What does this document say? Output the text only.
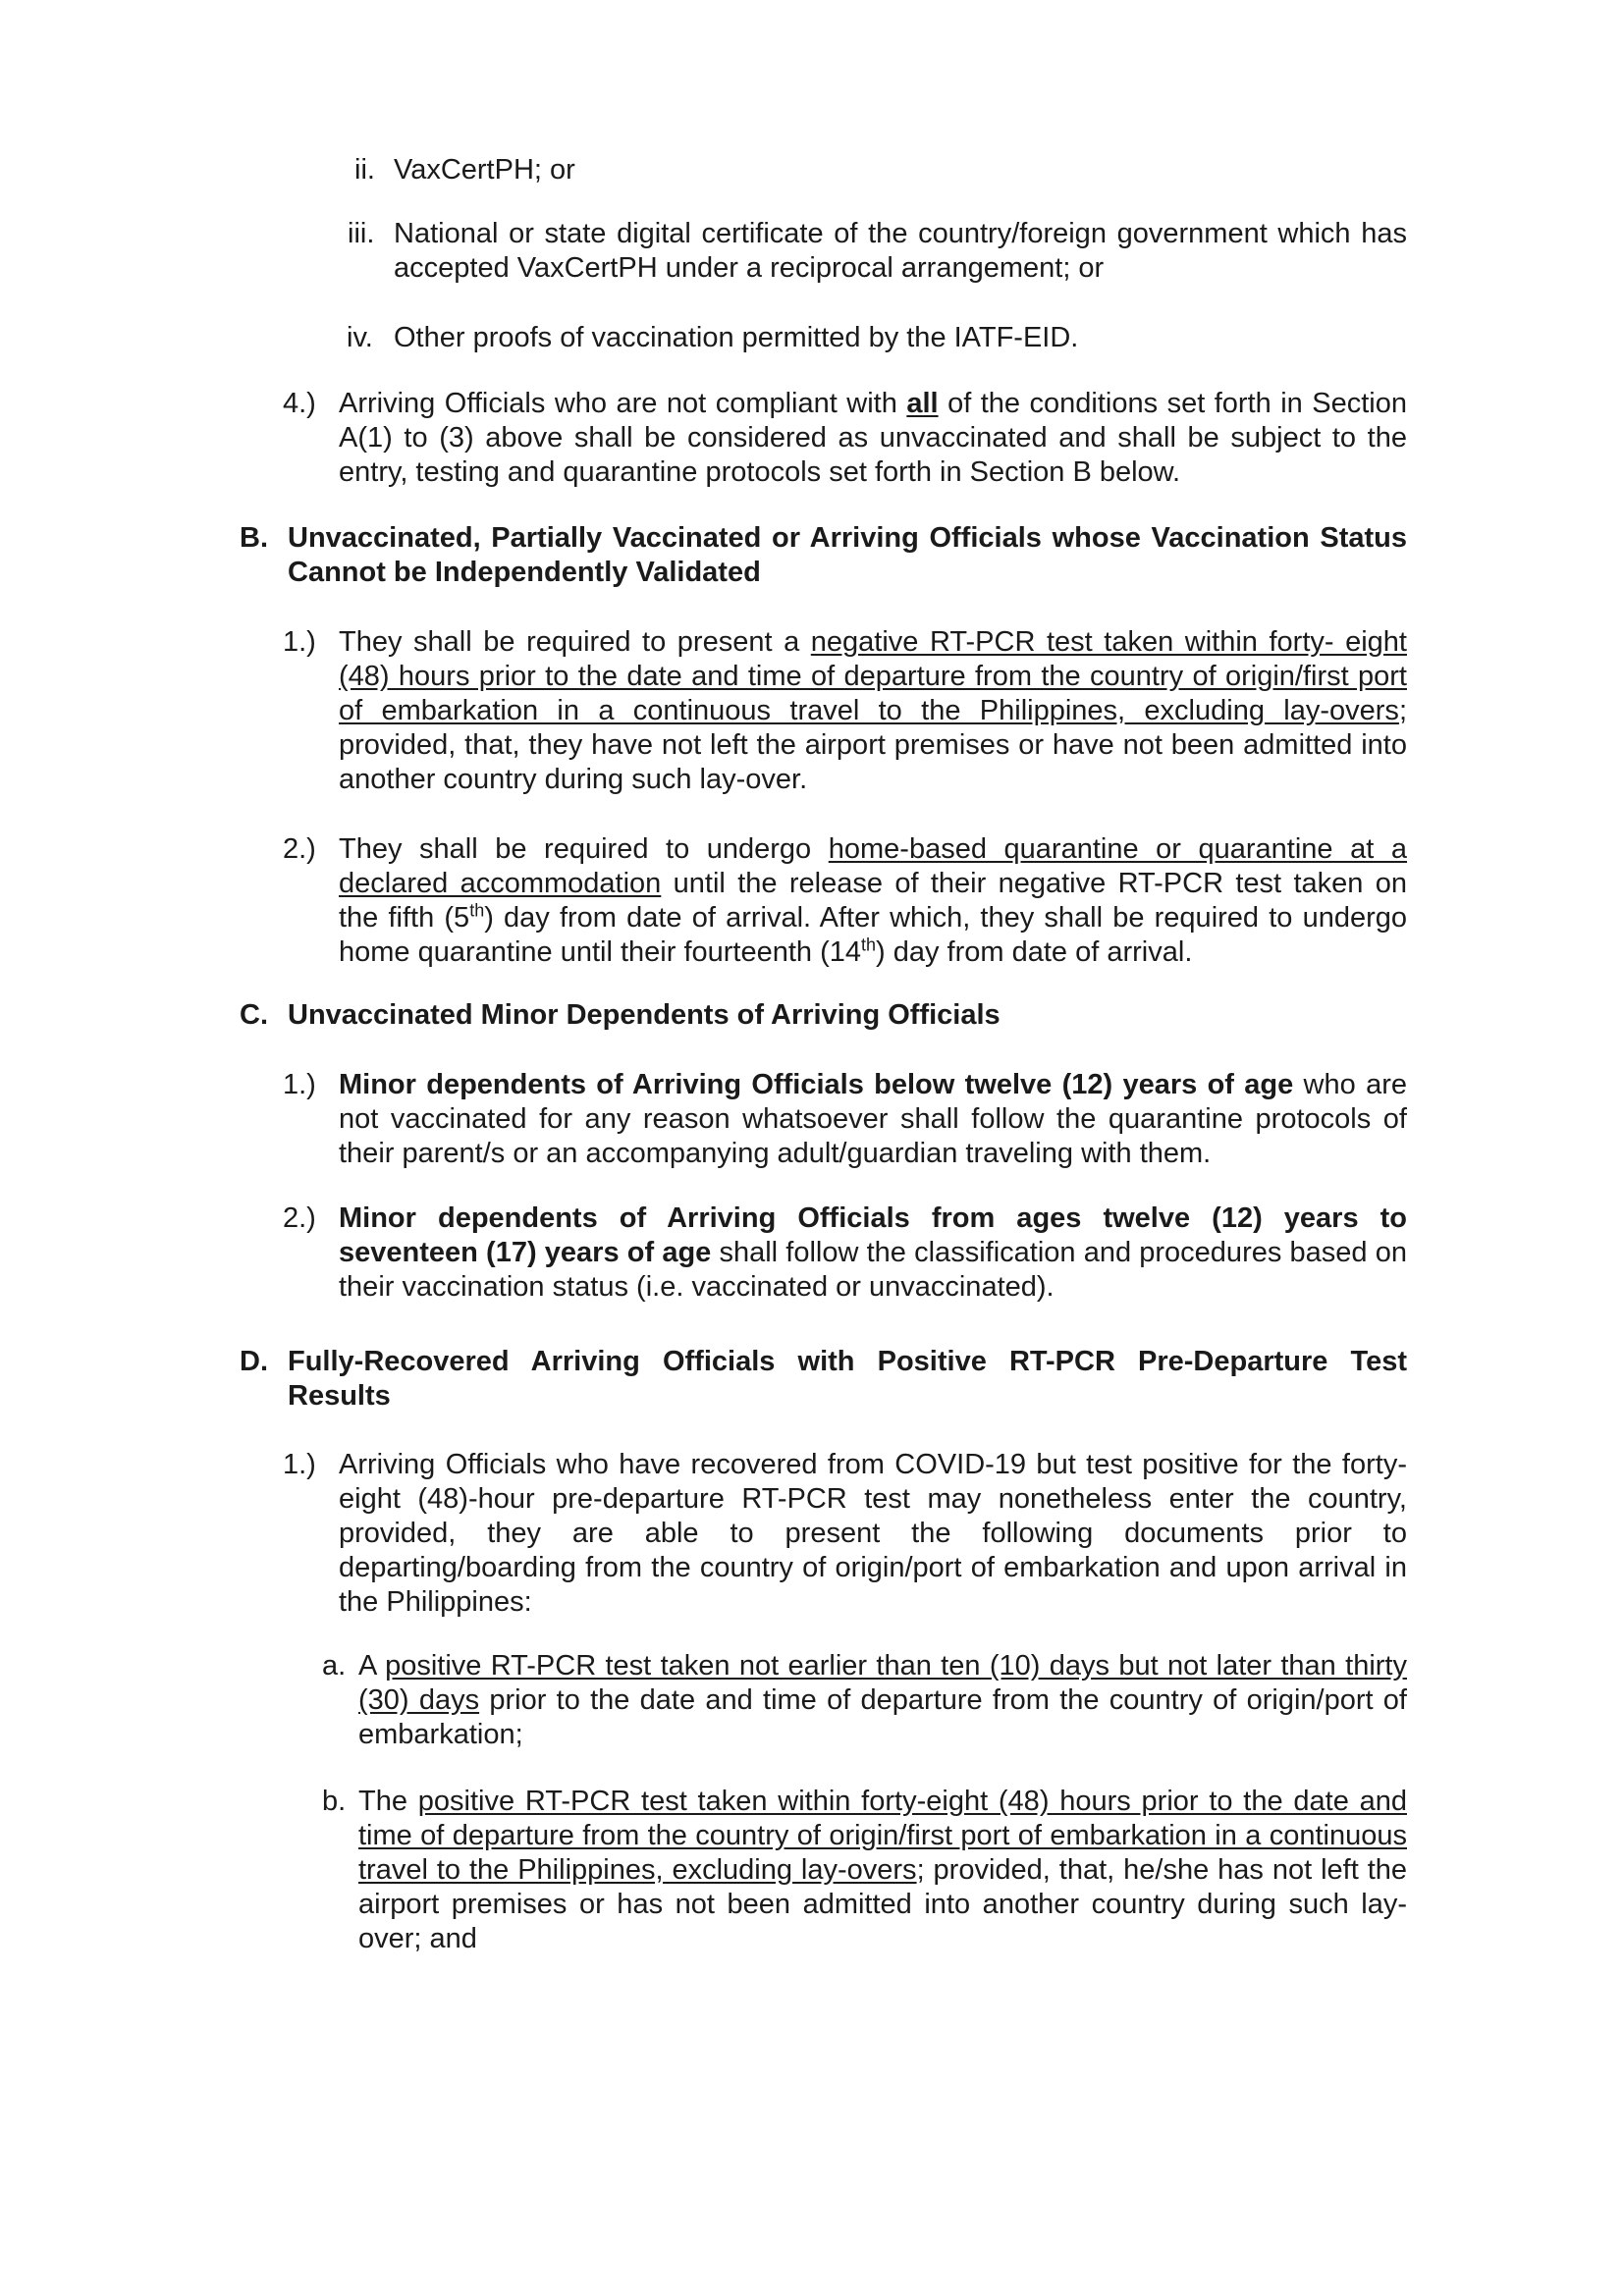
ii. VaxCertPH; or

iii. National or state digital certificate of the country/foreign government which has accepted VaxCertPH under a reciprocal arrangement; or

iv. Other proofs of vaccination permitted by the IATF-EID.

4.) Arriving Officials who are not compliant with all of the conditions set forth in Section A(1) to (3) above shall be considered as unvaccinated and shall be subject to the entry, testing and quarantine protocols set forth in Section B below.

B. Unvaccinated, Partially Vaccinated or Arriving Officials whose Vaccination Status Cannot be Independently Validated

1.) They shall be required to present a negative RT-PCR test taken within forty- eight (48) hours prior to the date and time of departure from the country of origin/first port of embarkation in a continuous travel to the Philippines, excluding lay-overs; provided, that, they have not left the airport premises or have not been admitted into another country during such lay-over.

2.) They shall be required to undergo home-based quarantine or quarantine at a declared accommodation until the release of their negative RT-PCR test taken on the fifth (5th) day from date of arrival. After which, they shall be required to undergo home quarantine until their fourteenth (14th) day from date of arrival.

C. Unvaccinated Minor Dependents of Arriving Officials

1.) Minor dependents of Arriving Officials below twelve (12) years of age who are not vaccinated for any reason whatsoever shall follow the quarantine protocols of their parent/s or an accompanying adult/guardian traveling with them.

2.) Minor dependents of Arriving Officials from ages twelve (12) years to seventeen (17) years of age shall follow the classification and procedures based on their vaccination status (i.e. vaccinated or unvaccinated).

D. Fully-Recovered Arriving Officials with Positive RT-PCR Pre-Departure Test Results

1.) Arriving Officials who have recovered from COVID-19 but test positive for the forty-eight (48)-hour pre-departure RT-PCR test may nonetheless enter the country, provided, they are able to present the following documents prior to departing/boarding from the country of origin/port of embarkation and upon arrival in the Philippines:

a. A positive RT-PCR test taken not earlier than ten (10) days but not later than thirty (30) days prior to the date and time of departure from the country of origin/port of embarkation;

b. The positive RT-PCR test taken within forty-eight (48) hours prior to the date and time of departure from the country of origin/first port of embarkation in a continuous travel to the Philippines, excluding lay-overs; provided, that, he/she has not left the airport premises or has not been admitted into another country during such lay-over; and
